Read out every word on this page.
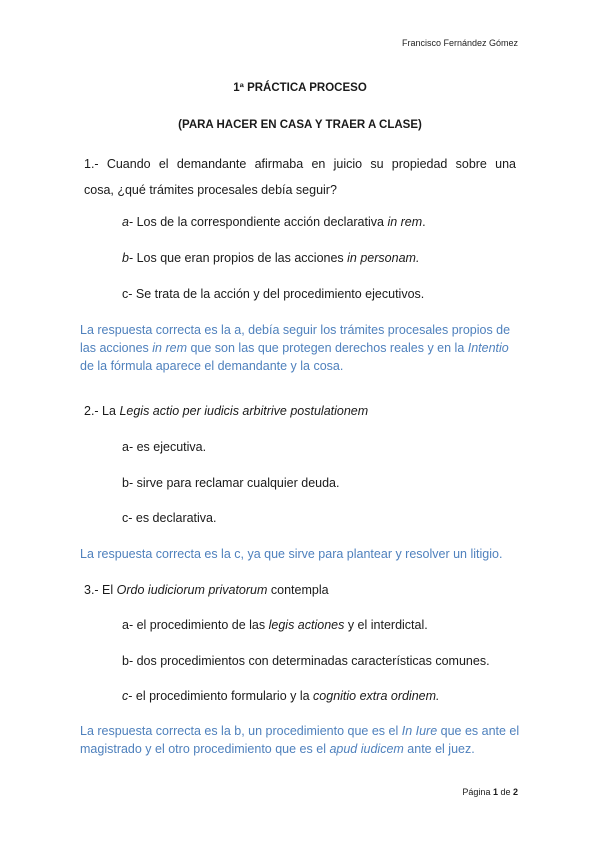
Francisco Fernández Gómez
1ª PRÁCTICA PROCESO
(PARA HACER EN CASA Y TRAER A CLASE)
1.- Cuando el demandante afirmaba en juicio su propiedad sobre una
cosa, ¿qué trámites procesales debía seguir?
a- Los de la correspondiente acción declarativa in rem.
b- Los que eran propios de las acciones in personam.
c- Se trata de la acción y del procedimiento ejecutivos.
La respuesta correcta es la a, debía seguir los trámites procesales propios de las acciones in rem que son las que protegen derechos reales y en la Intentio de la fórmula aparece el demandante y la cosa.
2.- La Legis actio per iudicis arbitrive postulationem
a- es ejecutiva.
b- sirve para reclamar cualquier deuda.
c- es declarativa.
La respuesta correcta es la c, ya que sirve para plantear y resolver un litigio.
3.- El Ordo iudiciorum privatorum contempla
a- el procedimiento de las legis actiones y el interdictal.
b- dos procedimientos con determinadas características comunes.
c- el procedimiento formulario y la cognitio extra ordinem.
La respuesta correcta es la b, un procedimiento que es el In Iure que es ante el magistrado y el otro procedimiento que es el apud iudicem ante el juez.
Página 1 de 2
